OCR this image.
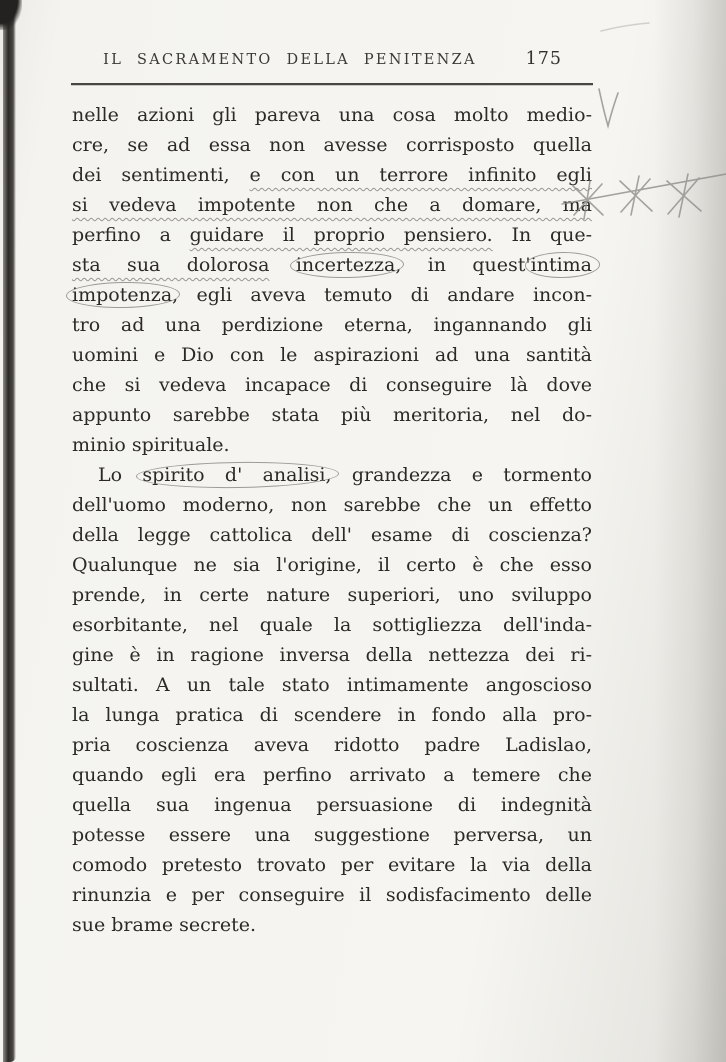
IL SACRAMENTO DELLA PENITENZA	175
nelle azioni gli pareva una cosa molto medio-
cre, se ad essa non avesse corrisposto quella
dei sentimenti, e con un terrore infinito egli
si vedeva impotente non che a domare, ma
perfino a guidare il proprio pensiero. In que-
sta sua dolorosa incertezza, in quest'intima
impotenza, egli aveva temuto di andare incon-
tro ad una perdizione eterna, ingannando gli
uomini e Dio con le aspirazioni ad una santità
che si vedeva incapace di conseguire là dove
appunto sarebbe stata più meritoria, nel do-
minio spirituale.
Lo spirito d' analisi, grandezza e tormento
dell'uomo moderno, non sarebbe che un effetto
della legge cattolica dell' esame di coscienza?
Qualunque ne sia l'origine, il certo è che esso
prende, in certe nature superiori, uno sviluppo
esorbitante, nel quale la sottigliezza dell'inda-
gine è in ragione inversa della nettezza dei ri-
sultati. A un tale stato intimamente angoscioso
la lunga pratica di scendere in fondo alla pro-
pria coscienza aveva ridotto padre Ladislao,
quando egli era perfino arrivato a temere che
quella sua ingenua persuasione di indegnità
potesse essere una suggestione perversa, un
comodo pretesto trovato per evitare la via della
rinunzia e per conseguire il sodisfacimento delle
sue brame secrete.
